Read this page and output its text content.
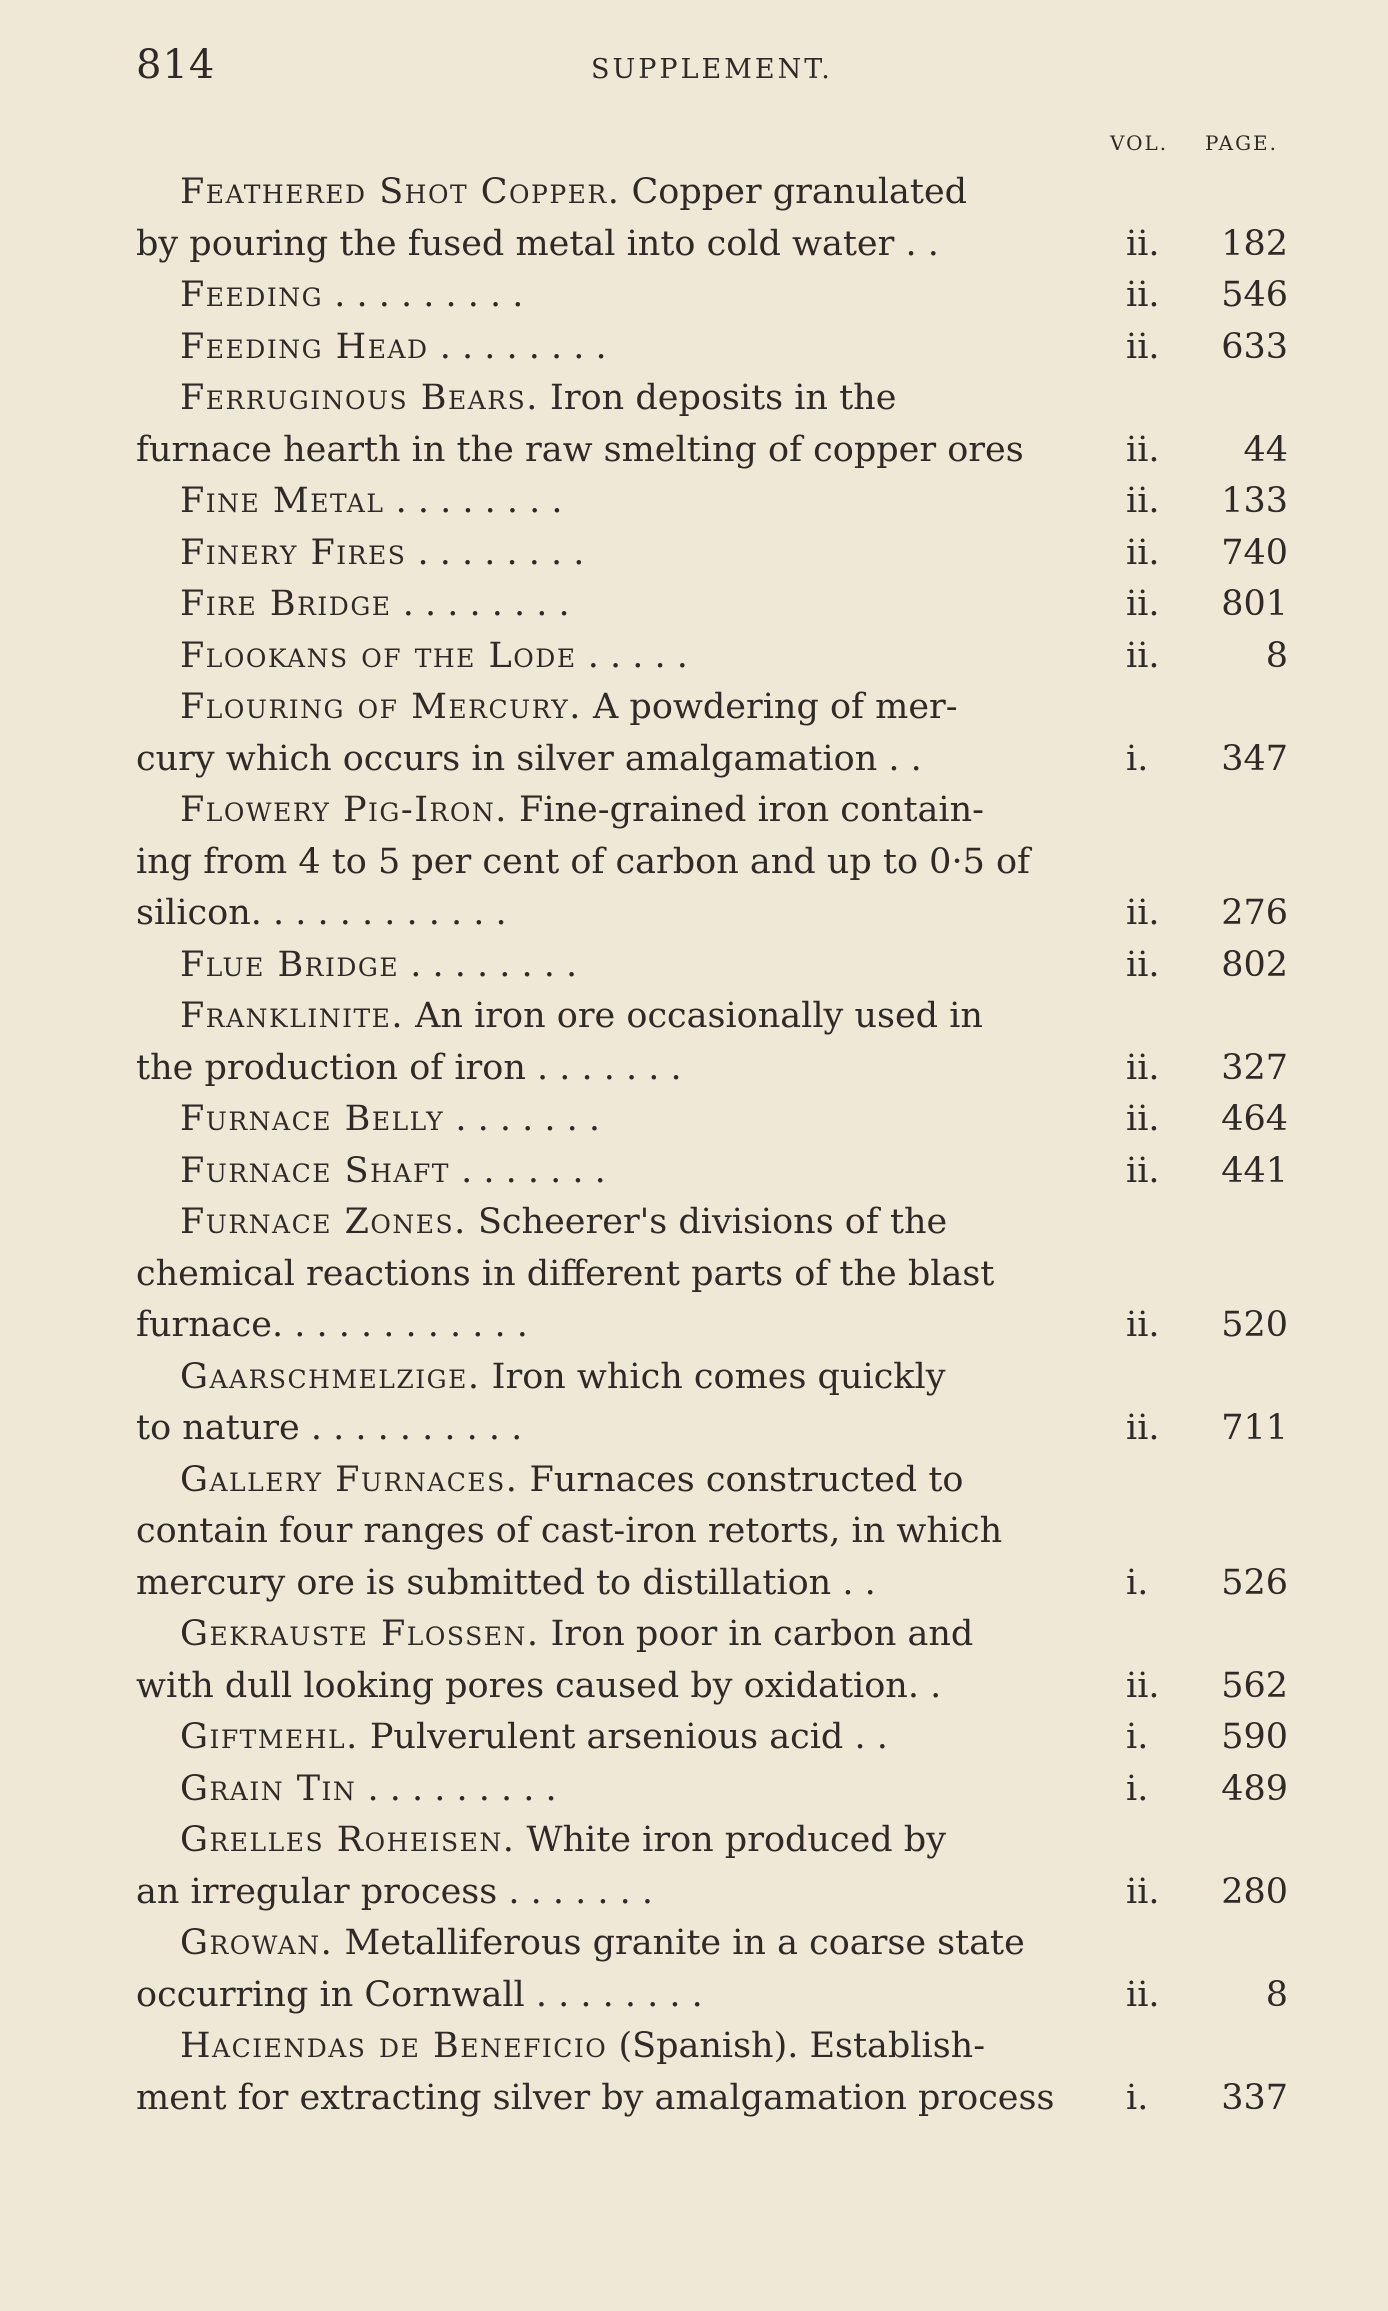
814	SUPPLEMENT.
VOL. PAGE.
Feathered Shot Copper. Copper granulated
by pouring the fused metal into cold water . .	ii.	182
Feeding . . . . . . . . .	ii.	546
Feeding Head . . . . . . . .	ii.	633
Ferruginous Bears. Iron deposits in the
furnace hearth in the raw smelting of copper ores	ii.	44
Fine Metal . . . . . . . .	ii.	133
Finery Fires . . . . . . . .	ii.	740
Fire Bridge . . . . . . . .	ii.	801
Flookans of the Lode . . . . .	ii.	8
Flouring of Mercury. A powdering of mer-
cury which occurs in silver amalgamation . .	i.	347
Flowery Pig-Iron. Fine-grained iron contain-
ing from 4 to 5 per cent of carbon and up to 0·5 of
silicon. . . . . . . . . . . .	ii.	276
Flue Bridge . . . . . . . .	ii.	802
Franklinite. An iron ore occasionally used in
the production of iron . . . . . . .	ii.	327
Furnace Belly . . . . . . .	ii.	464
Furnace Shaft . . . . . . .	ii.	441
Furnace Zones. Scheerer's divisions of the
chemical reactions in different parts of the blast
furnace. . . . . . . . . . . .	ii.	520
Gaarschmelzige. Iron which comes quickly
to nature . . . . . . . . . .	ii.	711
Gallery Furnaces. Furnaces constructed to
contain four ranges of cast-iron retorts, in which
mercury ore is submitted to distillation . .	i.	526
Gekrauste Flossen. Iron poor in carbon and
with dull looking pores caused by oxidation. .	ii.	562
Giftmehl. Pulverulent arsenious acid . .	i.	590
Grain Tin . . . . . . . . .	i.	489
Grelles Roheisen. White iron produced by
an irregular process . . . . . . .	ii.	280
Growan. Metalliferous granite in a coarse state
occurring in Cornwall . . . . . . . .	ii.	8
Haciendas de Beneficio (Spanish). Establish-
ment for extracting silver by amalgamation process	i.	337
